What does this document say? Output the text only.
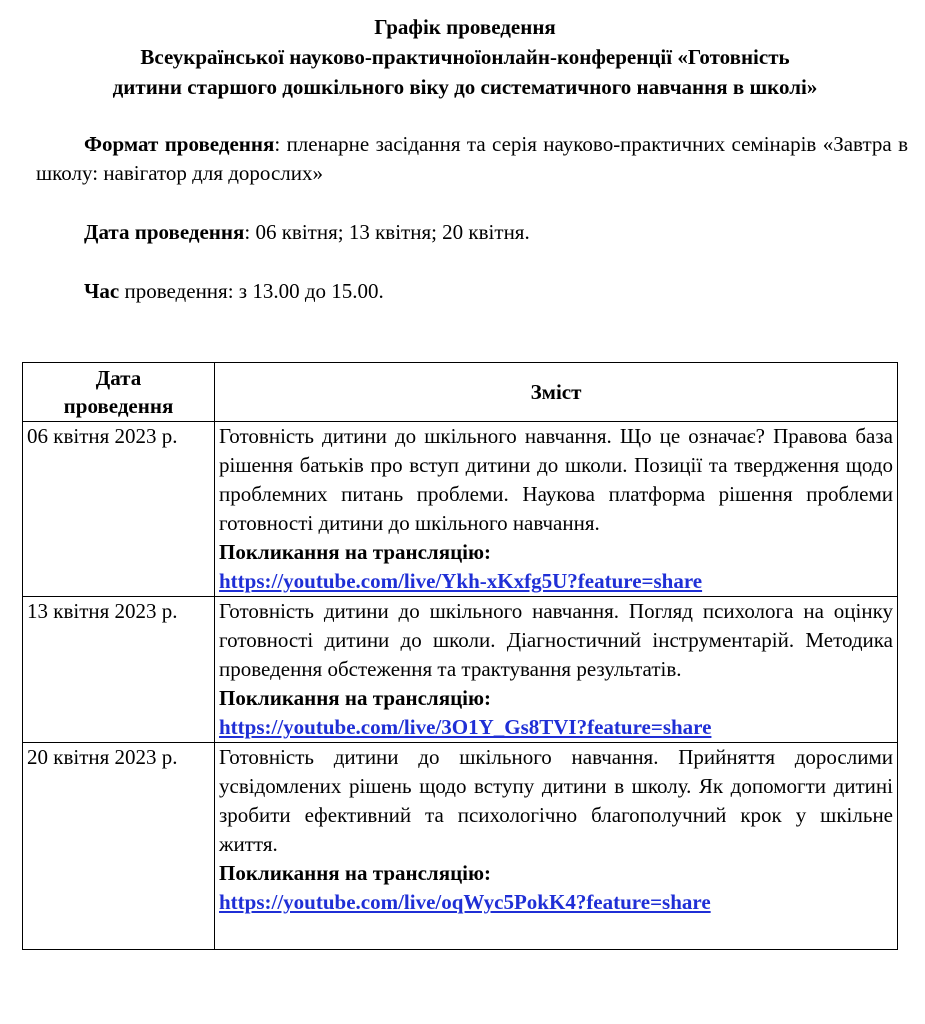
Графік проведення
Всеукраїнської науково-практичноїонлайн-конференції «Готовність
дитини старшого дошкільного віку до систематичного навчання в школі»
Формат проведення: пленарне засідання та серія науково-практичних семінарів «Завтра в школу: навігатор для дорослих»
Дата проведення: 06 квітня; 13 квітня; 20 квітня.
Час проведення: з 13.00 до 15.00.
Дата
проведення	Зміст
06 квітня 2023 р.	Готовність дитини до шкільного навчання. Що це означає? Правова база рішення батьків про вступ дитини до школи. Позиції та твердження щодо проблемних питань проблеми. Наукова платформа рішення проблеми готовності дитини до шкільного навчання.
Покликання на трансляцію:
https://youtube.com/live/Ykh-xKxfg5U?feature=share

13 квітня 2023 р.	Готовність дитини до шкільного навчання. Погляд психолога на оцінку готовності дитини до школи. Діагностичний інструментарій. Методика проведення обстеження та трактування результатів.
Покликання на трансляцію:
https://youtube.com/live/3O1Y_Gs8TVI?feature=share

20 квітня 2023 р.	Готовність дитини до шкільного навчання. Прийняття дорослими усвідомлених рішень щодо вступу дитини в школу. Як допомогти дитині зробити ефективний та психологічно благополучний крок у шкільне життя.
Покликання на трансляцію:
https://youtube.com/live/oqWyc5PokK4?feature=share
